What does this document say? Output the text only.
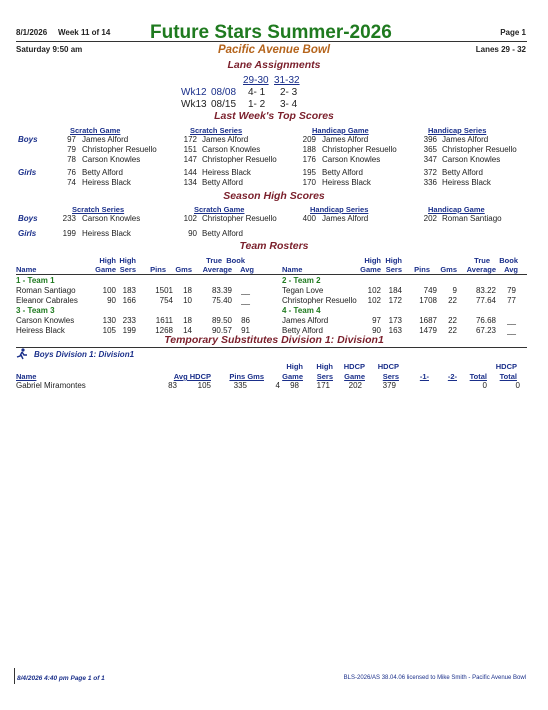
8/1/2026 Week 11 of 14 Future Stars Summer-2026	Page 1
Saturday 9:50 am	Pacific Avenue Bowl	Lanes 29 - 32
Lane Assignments
29-30 31-32
Wk12 08/08 4- 1 2- 3
Wk13 08/15 1- 2 3- 4
Last Week's Top Scores
Scratch Game	Scratch Series	Handicap Game	Handicap Series
Boys
Girls
97 James Alford	172 James Alford	209 James Alford	396 James Alford
79 Christopher Resuello	151 Carson Knowles	188 Christopher Resuello	365 Christopher Resuello
78 Carson Knowles	147 Christopher Resuello	176 Carson Knowles	347 Carson Knowles
76 Betty Alford	144 Heiress Black	195 Betty Alford	372 Betty Alford
74 Heiress Black	134 Betty Alford	170 Heiress Black	336 Heiress Black
Season High Scores
Scratch Series	Scratch Game	Handicap Series	Handicap Game
Boys
Girls
233 Carson Knowles	102 Christopher Resuello	400 James Alford	202 Roman Santiago
199 Heiress Black	90 Betty Alford
Team Rosters
High High	True Book
Name	Game Sers	Pins	Gms	Average	Avg
High High	True	Book
Name	Game Sers	Pins	Gms	Average	Avg
1 - Team 1
Roman Santiago	100 183	1501	18	83.39	__
Eleanor Cabrales	90 166	754	10	75.40	__
3 - Team 3
Carson Knowles	130 233	1611	18	89.50	86
Heiress Black	105 199	1268	14	90.57	91
2 - Team 2
Tegan Love	102 184	749	9	83.22	79
Christopher Resuello	102 172	1708	22	77.64	77
4 - Team 4
James Alford	97 173	1687	22	76.68	__
Betty Alford	90 163	1479	22	67.23	__
Temporary Substitutes Division 1: Division1
Boys Division 1: Division1
High	High	HDCP	HDCP	HDCP
Name	Avg HDCP	Pins Gms	Game	Sers	Game	Sers	-1-	-2-	Total	Total
Gabriel Miramontes	83	105	335	4	98	171	202	379	0	0
8/4/2026 4:40 pm Page 1 of 1	BLS-2026/AS 38.04.06 licensed to Mike Smith - Pacific Avenue Bowl
